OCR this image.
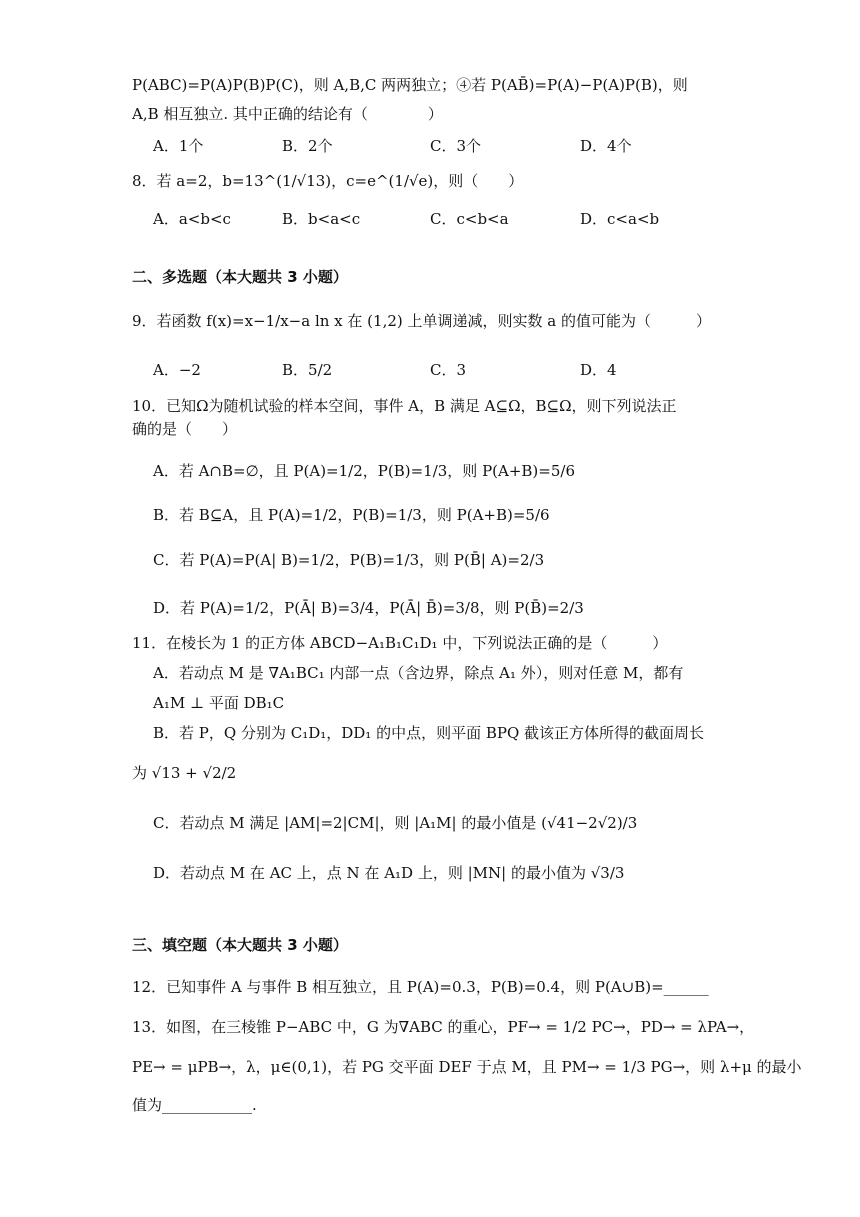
P(ABC)=P(A)P(B)P(C)，则 A,B,C 两两独立；④若 P(AB̄)=P(A)−P(A)P(B)，则
A,B 相互独立. 其中正确的结论有（　　　　）
A．1个	B．2个	C．3个	D．4个
8．若 a=2，b=13^(1/√13)，c=e^(1/√e)，则（　　）
A．a<b<c	B．b<a<c	C．c<b<a	D．c<a<b
二、多选题（本大题共 3 小题）
9．若函数 f(x)=x−1/x−a ln x 在 (1,2) 上单调递减，则实数 a 的值可能为（　　　）
A．−2	B．5/2	C．3	D．4
10．已知Ω为随机试验的样本空间，事件 A，B 满足 A⊆Ω，B⊆Ω，则下列说法正
确的是（　　）
A．若 A∩B=∅，且 P(A)=1/2，P(B)=1/3，则 P(A+B)=5/6
B．若 B⊆A，且 P(A)=1/2，P(B)=1/3，则 P(A+B)=5/6
C．若 P(A)=P(A| B)=1/2，P(B)=1/3，则 P(B̄| A)=2/3
D．若 P(A)=1/2，P(Ā| B)=3/4，P(Ā| B̄)=3/8，则 P(B̄)=2/3
11．在棱长为 1 的正方体 ABCD−A₁B₁C₁D₁ 中，下列说法正确的是（　　　）
A．若动点 M 是 ∇A₁BC₁ 内部一点（含边界，除点 A₁ 外），则对任意 M，都有
A₁M ⊥ 平面 DB₁C
B．若 P，Q 分别为 C₁D₁，DD₁ 的中点，则平面 BPQ 截该正方体所得的截面周长
为 √13 + √2/2
C．若动点 M 满足 |AM|=2|CM|，则 |A₁M| 的最小值是 (√41−2√2)/3
D．若动点 M 在 AC 上，点 N 在 A₁D 上，则 |MN| 的最小值为 √3/3
三、填空题（本大题共 3 小题）
12．已知事件 A 与事件 B 相互独立，且 P(A)=0.3，P(B)=0.4，则 P(A∪B)=______
13．如图，在三棱锥 P−ABC 中，G 为∇ABC 的重心，PF→ = 1/2 PC→，PD→ = λPA→，
PE→ = μPB→，λ，μ∈(0,1)，若 PG 交平面 DEF 于点 M，且 PM→ = 1/3 PG→，则 λ+μ 的最小
值为____________.
